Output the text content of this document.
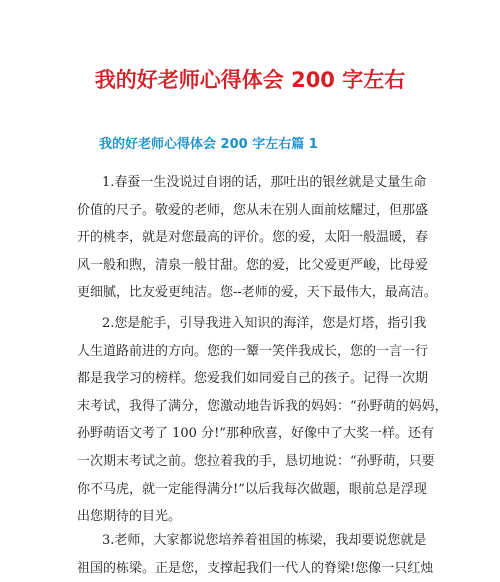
我的好老师心得体会 200 字左右
我的好老师心得体会 200 字左右篇 1

1.春蚕一生没说过自诩的话，那吐出的银丝就是丈量生命
价值的尺子。敬爱的老师，您从未在别人面前炫耀过，但那盛
开的桃李，就是对您最高的评价。您的爱，太阳一般温暖，春
风一般和煦，清泉一般甘甜。您的爱，比父爱更严峻，比母爱
更细腻，比友爱更纯洁。您--老师的爱，天下最伟大，最高洁。

2.您是舵手，引导我进入知识的海洋，您是灯塔，指引我
人生道路前进的方向。您的一颦一笑伴我成长，您的一言一行
都是我学习的榜样。您爱我们如同爱自己的孩子。记得一次期
末考试，我得了满分，您激动地告诉我的妈妈：“孙野萌的妈妈，
孙野萌语文考了 100 分!”那种欣喜，好像中了大奖一样。还有
一次期末考试之前。您拉着我的手，恳切地说：“孙野萌，只要
你不马虎，就一定能得满分!”以后我每次做题，眼前总是浮现
出您期待的目光。

3.老师，大家都说您培养着祖国的栋梁，我却要说您就是
祖国的栋梁。正是您，支撑起我们一代人的脊梁!您像一只红烛
